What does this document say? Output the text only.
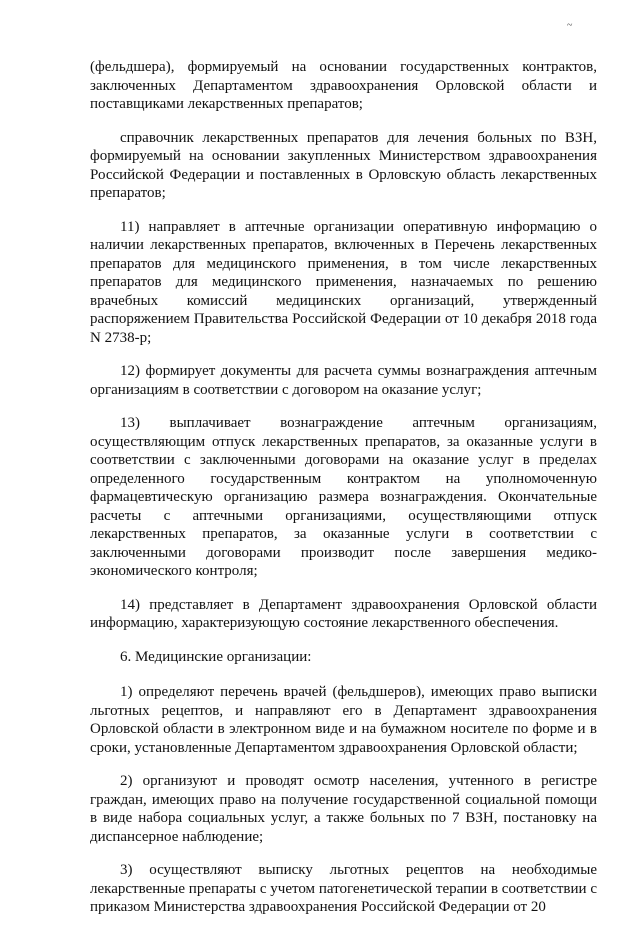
~

(фельдшера), формируемый на основании государственных контрактов, заключенных Департаментом здравоохранения Орловской области и поставщиками лекарственных препаратов;

справочник лекарственных препаратов для лечения больных по ВЗН, формируемый на основании закупленных Министерством здравоохранения Российской Федерации и поставленных в Орловскую область лекарственных препаратов;

11) направляет в аптечные организации оперативную информацию о наличии лекарственных препаратов, включенных в Перечень лекарственных препаратов для медицинского применения, в том числе лекарственных препаратов для медицинского применения, назначаемых по решению врачебных комиссий медицинских организаций, утвержденный распоряжением Правительства Российской Федерации от 10 декабря 2018 года N 2738-р;

12) формирует документы для расчета суммы вознаграждения аптечным организациям в соответствии с договором на оказание услуг;

13) выплачивает вознаграждение аптечным организациям, осуществляющим отпуск лекарственных препаратов, за оказанные услуги в соответствии с заключенными договорами на оказание услуг в пределах определенного государственным контрактом на уполномоченную фармацевтическую организацию размера вознаграждения. Окончательные расчеты с аптечными организациями, осуществляющими отпуск лекарственных препаратов, за оказанные услуги в соответствии с заключенными договорами производит после завершения медико-экономического контроля;

14) представляет в Департамент здравоохранения Орловской области информацию, характеризующую состояние лекарственного обеспечения.

6. Медицинские организации:

1) определяют перечень врачей (фельдшеров), имеющих право выписки льготных рецептов, и направляют его в Департамент здравоохранения Орловской области в электронном виде и на бумажном носителе по форме и в сроки, установленные Департаментом здравоохранения Орловской области;

2) организуют и проводят осмотр населения, учтенного в регистре граждан, имеющих право на получение государственной социальной помощи в виде набора социальных услуг, а также больных по 7 ВЗН, постановку на диспансерное наблюдение;

3) осуществляют выписку льготных рецептов на необходимые лекарственные препараты с учетом патогенетической терапии в соответствии с приказом Министерства здравоохранения Российской Федерации от 20
